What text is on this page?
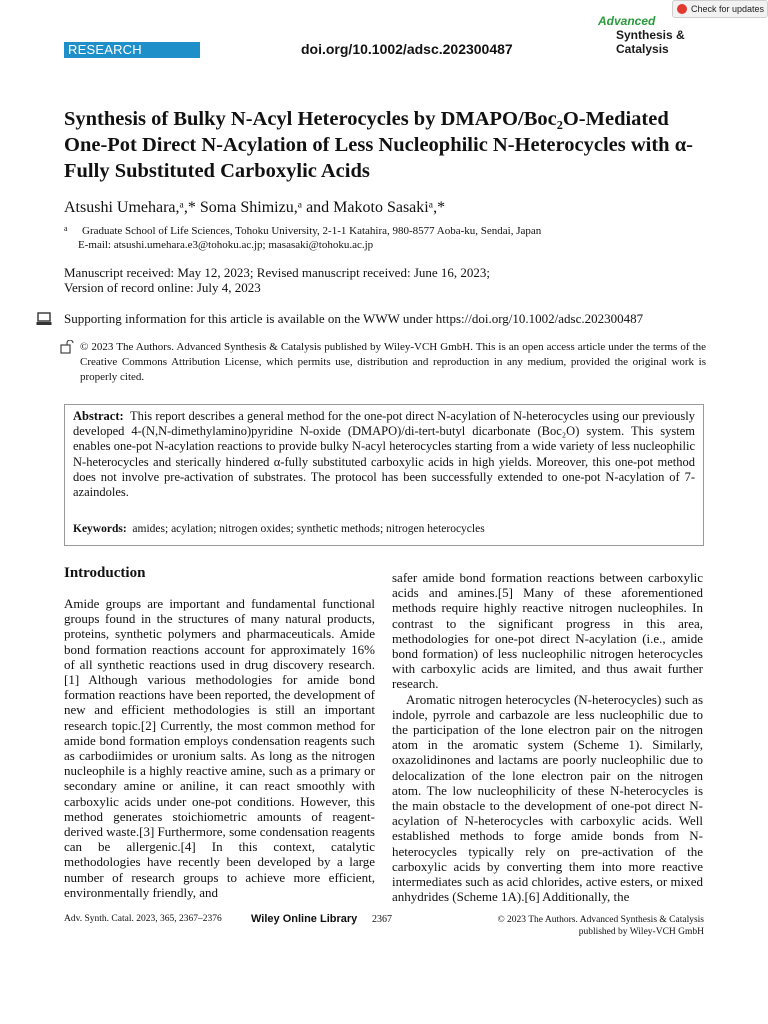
RESEARCH ARTICLE
doi.org/10.1002/adsc.202300487
Advanced
Synthesis &
Catalysis
Check for updates
Synthesis of Bulky N-Acyl Heterocycles by DMAPO/Boc₂O-Mediated One-Pot Direct N-Acylation of Less Nucleophilic N-Heterocycles with α-Fully Substituted Carboxylic Acids
Atsushi Umehara,ᵃ,* Soma Shimizu,ᵃ and Makoto Sasakiᵃ,*
a Graduate School of Life Sciences, Tohoku University, 2-1-1 Katahira, 980-8577 Aoba-ku, Sendai, Japan
E-mail: atsushi.umehara.e3@tohoku.ac.jp; masasaki@tohoku.ac.jp
Manuscript received: May 12, 2023; Revised manuscript received: June 16, 2023;
Version of record online: July 4, 2023
Supporting information for this article is available on the WWW under https://doi.org/10.1002/adsc.202300487
© 2023 The Authors. Advanced Synthesis & Catalysis published by Wiley-VCH GmbH. This is an open access article under the terms of the Creative Commons Attribution License, which permits use, distribution and reproduction in any medium, provided the original work is properly cited.
Abstract: This report describes a general method for the one-pot direct N-acylation of N-heterocycles using our previously developed 4-(N,N-dimethylamino)pyridine N-oxide (DMAPO)/di-tert-butyl dicarbonate (Boc₂O) system. This system enables one-pot N-acylation reactions to provide bulky N-acyl heterocycles starting from a wide variety of less nucleophilic N-heterocycles and sterically hindered α-fully substituted carboxylic acids in high yields. Moreover, this one-pot method does not involve pre-activation of substrates. The protocol has been successfully extended to one-pot N-acylation of 7-azaindoles.
Keywords: amides; acylation; nitrogen oxides; synthetic methods; nitrogen heterocycles
Introduction

Amide groups are important and fundamental functional groups found in the structures of many natural products, proteins, synthetic polymers and pharmaceuticals. Amide bond formation reactions account for approximately 16% of all synthetic reactions used in drug discovery research.[1] Although various methodologies for amide bond formation reactions have been reported, the development of new and efficient methodologies is still an important research topic.[2] Currently, the most common method for amide bond formation employs condensation reagents such as carbodiimides or uronium salts. As long as the nitrogen nucleophile is a highly reactive amine, such as a primary or secondary amine or aniline, it can react smoothly with carboxylic acids under one-pot conditions. However, this method generates stoichiometric amounts of reagent-derived waste.[3] Furthermore, some condensation reagents can be allergenic.[4] In this context, catalytic methodologies have recently been developed by a large number of research groups to achieve more efficient, environmentally friendly, and

safer amide bond formation reactions between carboxylic acids and amines.[5] Many of these aforementioned methods require highly reactive nitrogen nucleophiles. In contrast to the significant progress in this area, methodologies for one-pot direct N-acylation (i.e., amide bond formation) of less nucleophilic nitrogen heterocycles with carboxylic acids are limited, and thus await further research.

Aromatic nitrogen heterocycles (N-heterocycles) such as indole, pyrrole and carbazole are less nucleophilic due to the participation of the lone electron pair on the nitrogen atom in the aromatic system (Scheme 1). Similarly, oxazolidinones and lactams are poorly nucleophilic due to delocalization of the lone electron pair on the nitrogen atom. The low nucleophilicity of these N-heterocycles is the main obstacle to the development of one-pot direct N-acylation of N-heterocycles with carboxylic acids. Well established methods to forge amide bonds from N-heterocycles typically rely on pre-activation of the carboxylic acids by converting them into more reactive intermediates such as acid chlorides, active esters, or mixed anhydrides (Scheme 1A).[6] Additionally, the

Adv. Synth. Catal. 2023, 365, 2367–2376	Wiley Online Library 2367	© 2023 The Authors. Advanced Synthesis & Catalysis published by Wiley-VCH GmbH
